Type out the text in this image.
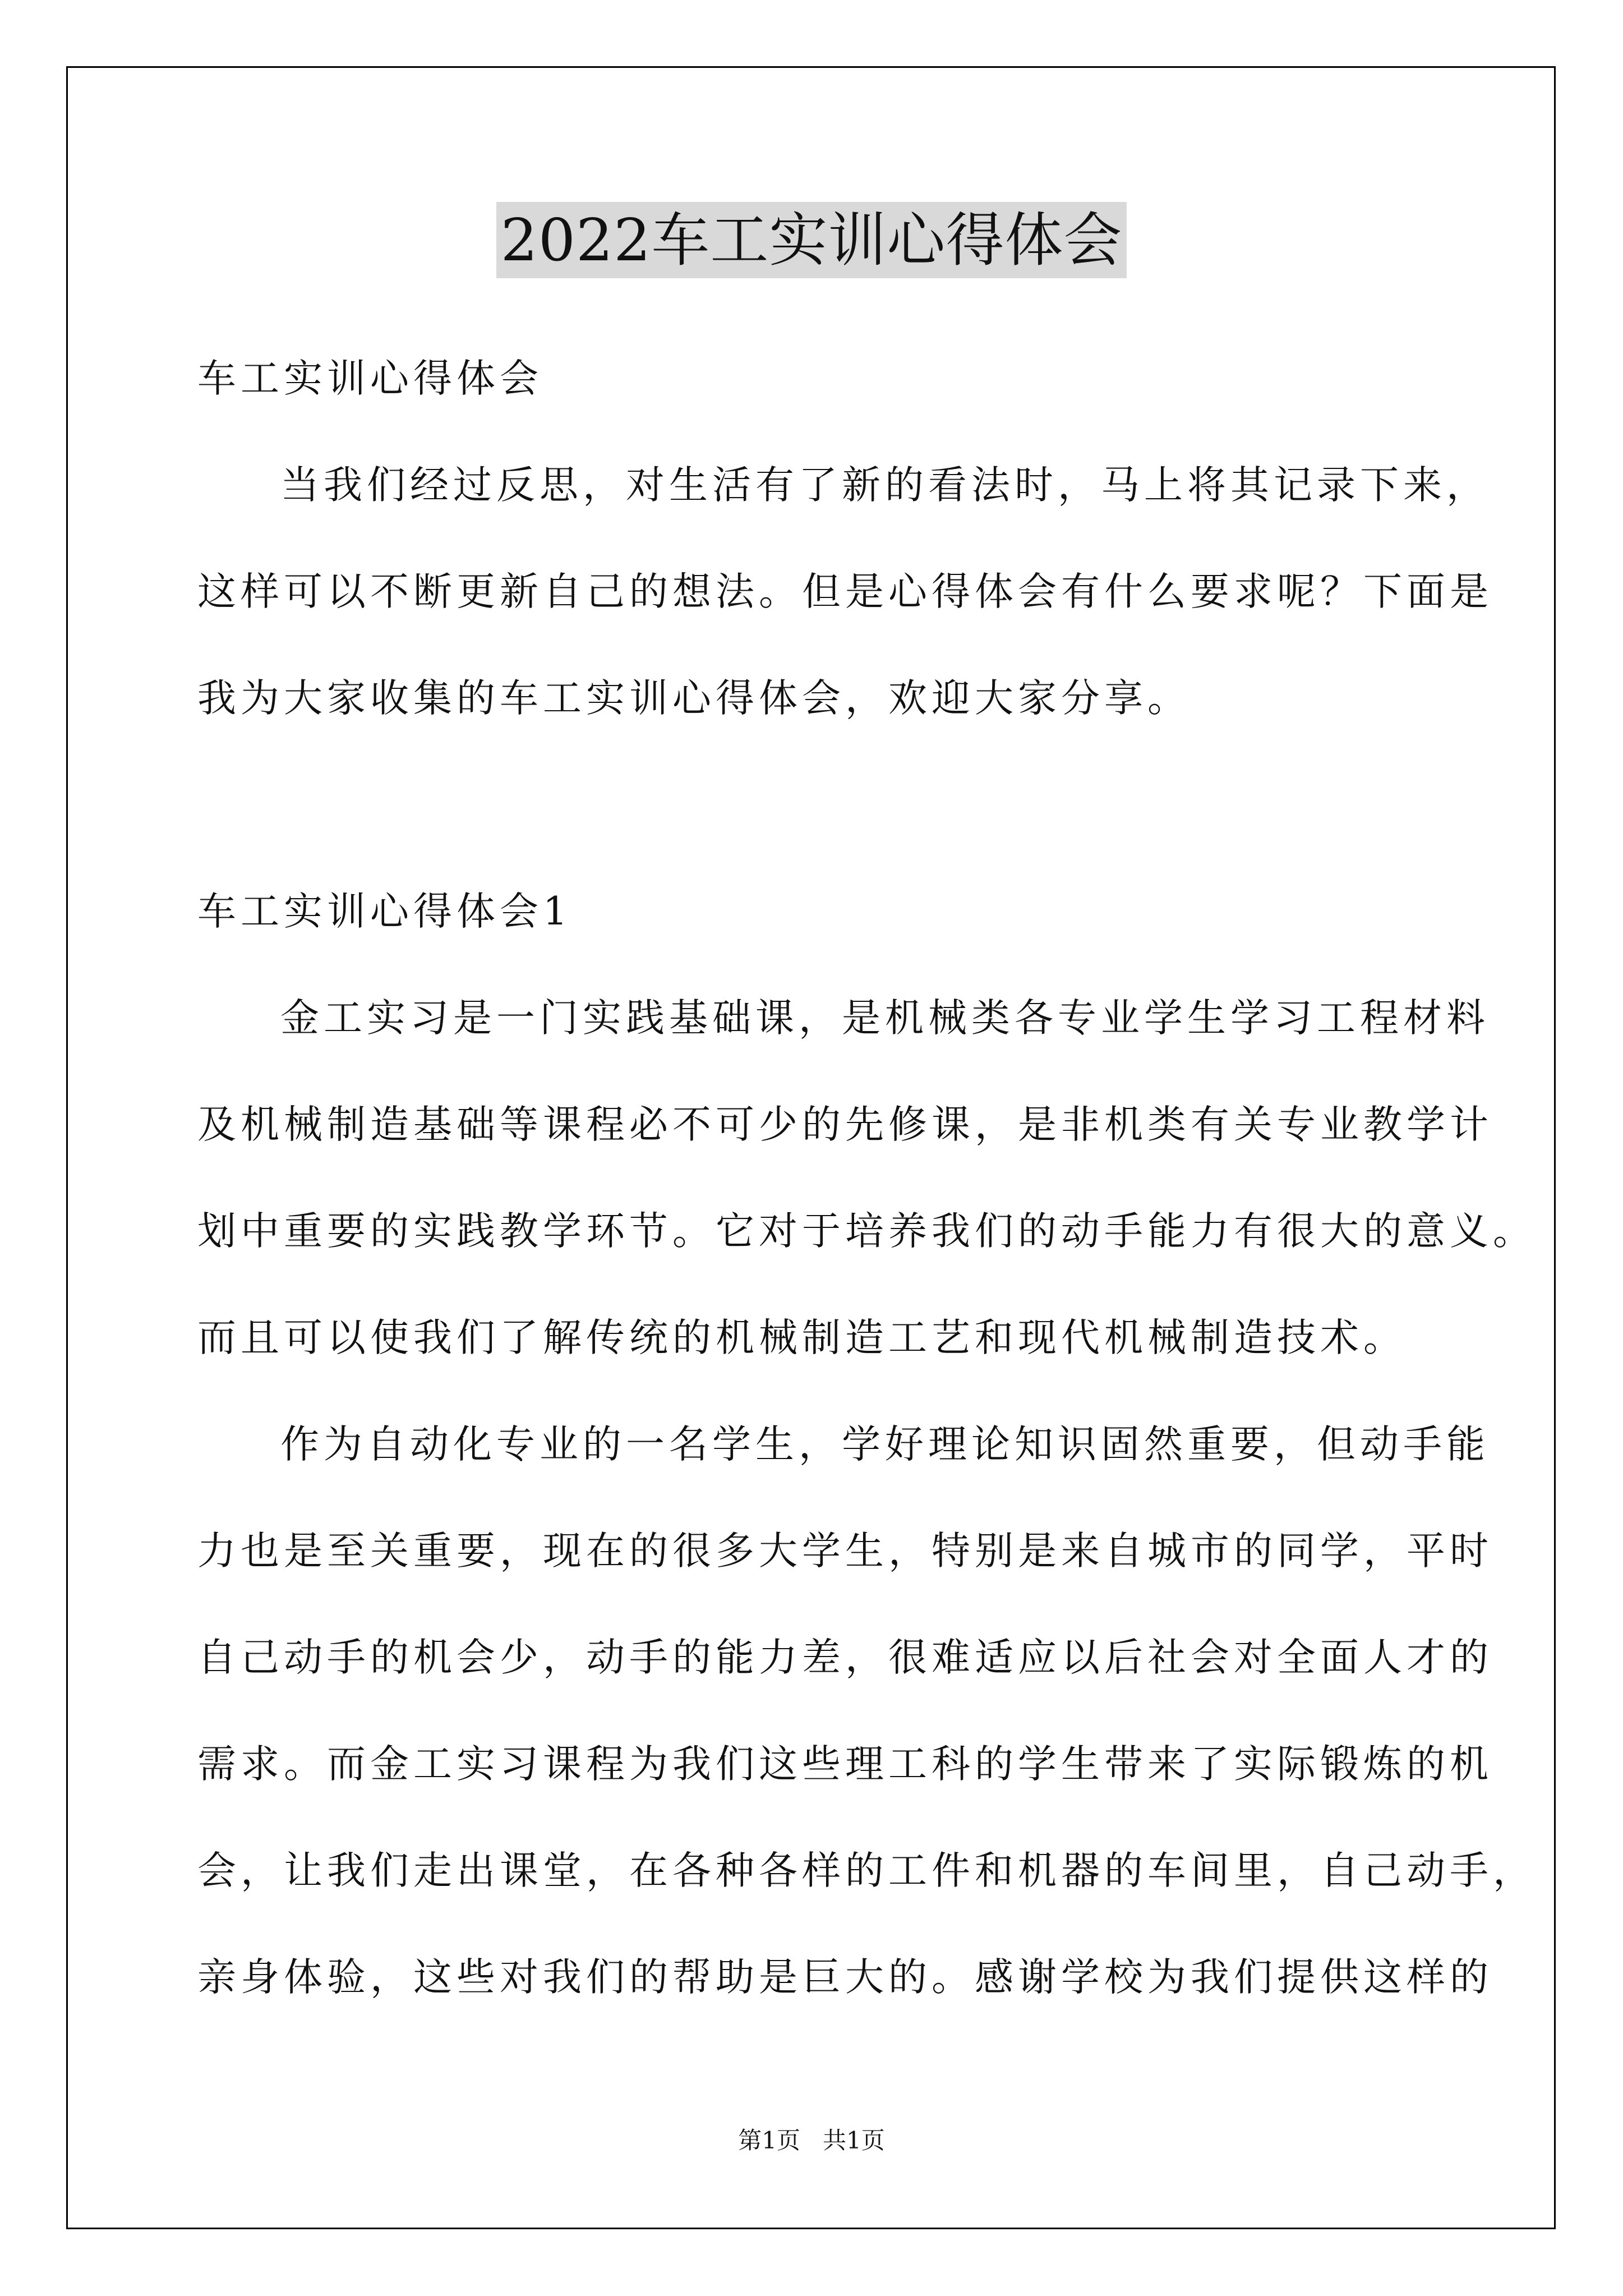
2022车工实训心得体会
车工实训心得体会
当我们经过反思，对生活有了新的看法时，马上将其记录下来，
这样可以不断更新自己的想法。但是心得体会有什么要求呢？下面是
我为大家收集的车工实训心得体会，欢迎大家分享。
车工实训心得体会1
金工实习是一门实践基础课，是机械类各专业学生学习工程材料
及机械制造基础等课程必不可少的先修课，是非机类有关专业教学计
划中重要的实践教学环节。它对于培养我们的动手能力有很大的意义。
而且可以使我们了解传统的机械制造工艺和现代机械制造技术。
作为自动化专业的一名学生，学好理论知识固然重要，但动手能
力也是至关重要，现在的很多大学生，特别是来自城市的同学，平时
自己动手的机会少，动手的能力差，很难适应以后社会对全面人才的
需求。而金工实习课程为我们这些理工科的学生带来了实际锻炼的机
会，让我们走出课堂，在各种各样的工件和机器的车间里，自己动手，
亲身体验，这些对我们的帮助是巨大的。感谢学校为我们提供这样的
第1页   共1页
